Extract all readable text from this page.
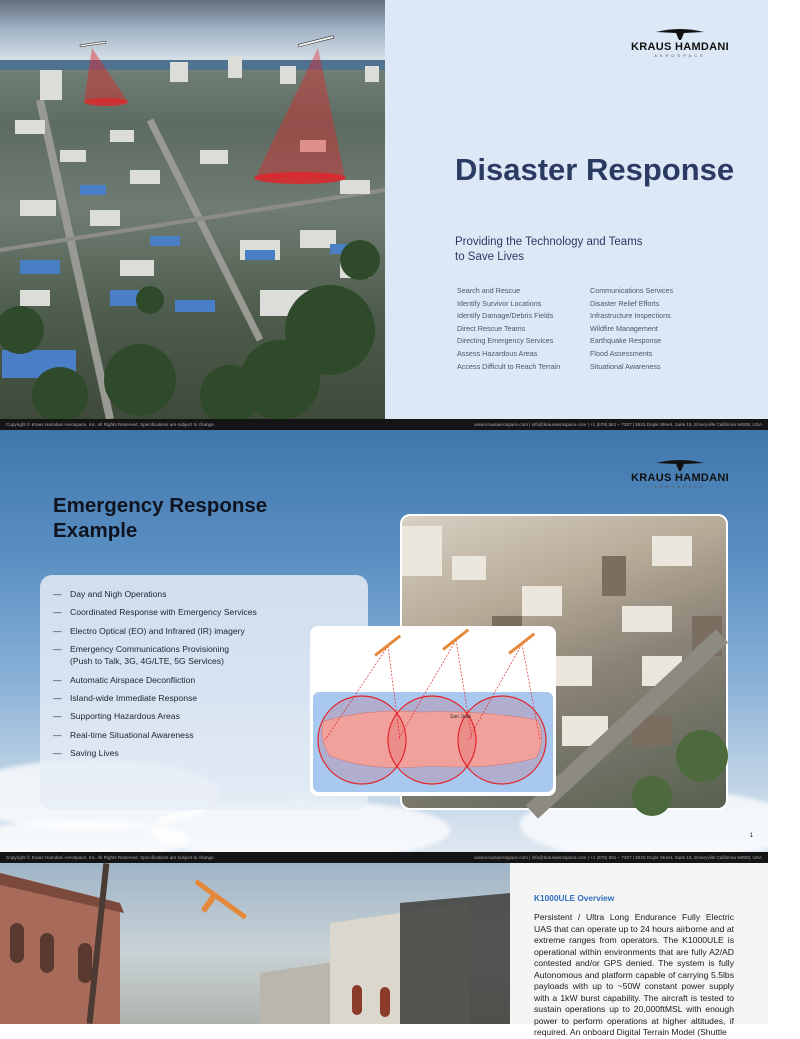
KRAUS HAMDANI
AEROSPACE
Disaster Response

Providing the Technology and Teams to Save Lives

Search and Rescue
Identify Survivor Locations
Identify Damage/Debris Fields
Direct Rescue Teams
Directing Emergency Services
Assess Hazardous Areas
Access Difficult to Reach Terrain
Communications Services
Disaster Relief Efforts
Infrastructure Inspections
Wildfire Management
Earthquake Response
Flood Assessments
Situational Awareness
Copyright © Kraus Hamdani Aerospace, Inc. All Rights Reserved. Specifications are subject to change.	www.krausaerospace.com | info@krausaerospace.com | +1 (678) 561 – 7207 | 5515 Doyle Street, Suite 15, Emeryville California 94608, USA
KRAUS HAMDANI
AEROSPACE
Emergency Response Example
— Day and Nigh Operations
— Coordinated Response with Emergency Services
— Electro Optical (EO) and Infrared (IR) imagery
— Emergency Communications Provisioning (Push to Talk, 3G, 4G/LTE, 5G Services)
— Automatic Airspace Deconfliction
— Island-wide Immediate Response
— Supporting Hazardous Areas
— Real-time Situational Awareness
— Saving Lives
San Juan
1
Copyright © Kraus Hamdani Aerospace, Inc. All Rights Reserved. Specifications are subject to change.	www.krausaerospace.com | info@krausaerospace.com | +1 (678) 561 – 7207 | 5515 Doyle Street, Suite 15, Emeryville California 94608, USA
K1000ULE Overview

Persistent / Ultra Long Endurance Fully Electric UAS that can operate up to 24 hours airborne and at extreme ranges from operators. The K1000ULE is operational within environments that are fully A2/AD contested and/or GPS denied. The system is fully Autonomous and platform capable of carrying 5.5lbs payloads with up to ~50W constant power supply with a 1kW burst capability. The aircraft is tested to sustain operations up to 20,000ftMSL with enough power to perform operations at higher altitudes, if required. An onboard Digital Terrain Model (Shuttle
